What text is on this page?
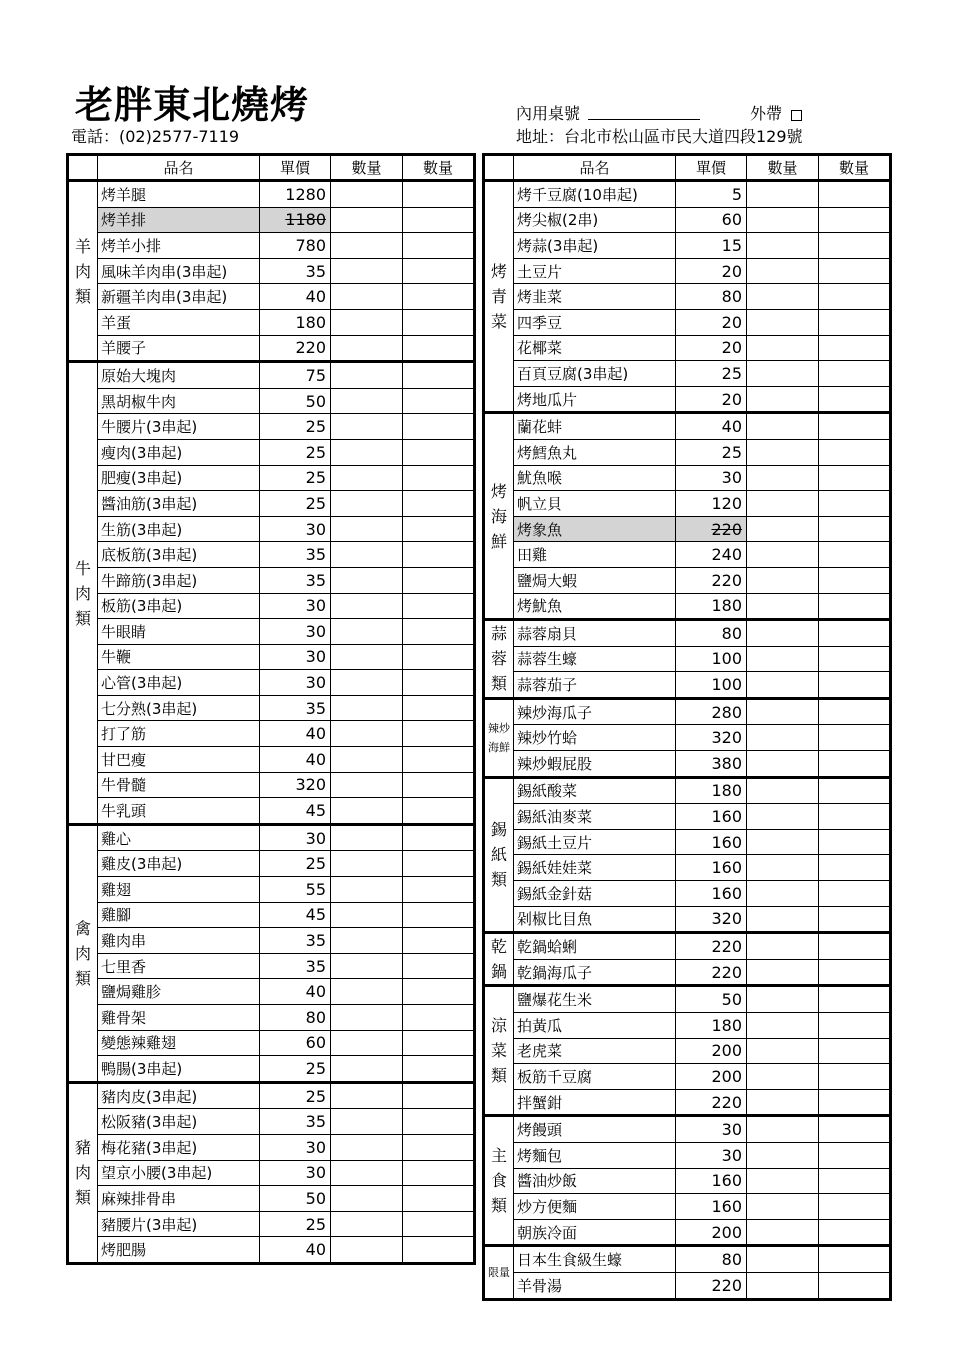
老胖東北燒烤
電話：(02)2577-7119
內用桌號	外帶
地址：台北市松山區市民大道四段129號
	品名	單價	數量	數量
羊肉類	烤羊腿	1280		
	烤羊排	1180		
	烤羊小排	780		
	風味羊肉串(3串起)	35		
	新疆羊肉串(3串起)	40		
	羊蛋	180		
	羊腰子	220		
牛肉類	原始大塊肉	75		
	黑胡椒牛肉	50		
	牛腰片(3串起)	25		
	瘦肉(3串起)	25		
	肥瘦(3串起)	25		
	醬油筋(3串起)	25		
	生筋(3串起)	30		
	底板筋(3串起)	35		
	牛蹄筋(3串起)	35		
	板筋(3串起)	30		
	牛眼睛	30		
	牛鞭	30		
	心管(3串起)	30		
	七分熟(3串起)	35		
	打了筋	40		
	甘巴瘦	40		
	牛骨髓	320		
	牛乳頭	45		
禽肉類	雞心	30		
	雞皮(3串起)	25		
	雞翅	55		
	雞腳	45		
	雞肉串	35		
	七里香	35		
	鹽焗雞胗	40		
	雞骨架	80		
	變態辣雞翅	60		
	鴨腸(3串起)	25		
豬肉類	豬肉皮(3串起)	25		
	松阪豬(3串起)	35		
	梅花豬(3串起)	30		
	望京小腰(3串起)	30		
	麻辣排骨串	50		
	豬腰片(3串起)	25		
	烤肥腸	40		
	品名	單價	數量	數量
烤青菜	烤千豆腐(10串起)	5		
	烤尖椒(2串)	60		
	烤蒜(3串起)	15		
	土豆片	20		
	烤韭菜	80		
	四季豆	20		
	花椰菜	20		
	百頁豆腐(3串起)	25		
	烤地瓜片	20		
烤海鮮	蘭花蚌	40		
	烤鱈魚丸	25		
	魷魚喉	30		
	帆立貝	120		
	烤象魚	220		
	田雞	240		
	鹽焗大蝦	220		
	烤魷魚	180		
蒜蓉類	蒜蓉扇貝	80		
	蒜蓉生蠔	100		
	蒜蓉茄子	100		
辣炒海鮮	辣炒海瓜子	280		
	辣炒竹蛤	320		
	辣炒蝦屁股	380		
錫紙類	錫紙酸菜	180		
	錫紙油麥菜	160		
	錫紙土豆片	160		
	錫紙娃娃菜	160		
	錫紙金針菇	160		
	剁椒比目魚	320		
乾鍋	乾鍋蛤蜊	220		
	乾鍋海瓜子	220		
涼菜類	鹽爆花生米	50		
	拍黃瓜	180		
	老虎菜	200		
	板筋千豆腐	200		
	拌蟹鉗	220		
主食類	烤饅頭	30		
	烤麵包	30		
	醬油炒飯	160		
	炒方便麵	160		
	朝族冷面	200		
限量	日本生食級生蠔	80		
	羊骨湯	220		
